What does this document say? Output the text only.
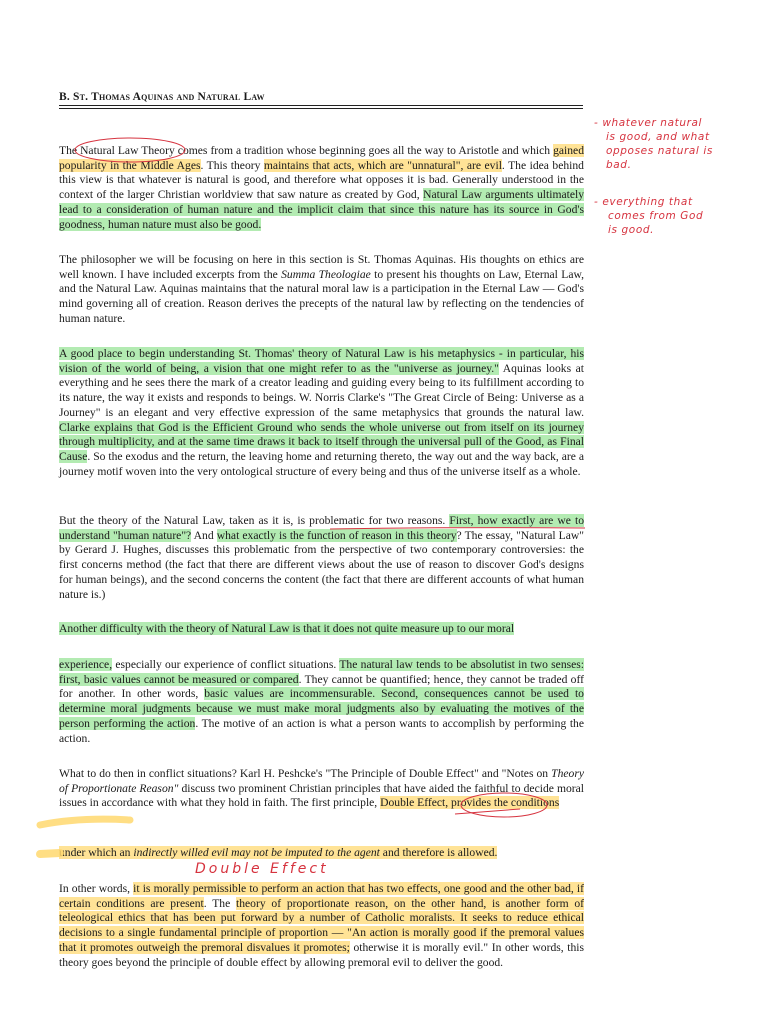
B. St. Thomas Aquinas and Natural Law

The Natural Law Theory comes from a tradition whose beginning goes all the way to Aristotle and which gained popularity in the Middle Ages. This theory maintains that acts, which are "unnatural", are evil. The idea behind this view is that whatever is natural is good, and therefore what opposes it is bad. Generally understood in the context of the larger Christian worldview that saw nature as created by God, Natural Law arguments ultimately lead to a consideration of human nature and the implicit claim that since this nature has its source in God's goodness, human nature must also be good.

The philosopher we will be focusing on here in this section is St. Thomas Aquinas. His thoughts on ethics are well known. I have included excerpts from the Summa Theologiae to present his thoughts on Law, Eternal Law, and the Natural Law. Aquinas maintains that the natural moral law is a participation in the Eternal Law — God's mind governing all of creation. Reason derives the precepts of the natural law by reflecting on the tendencies of human nature.

A good place to begin understanding St. Thomas' theory of Natural Law is his metaphysics - in particular, his vision of the world of being, a vision that one might refer to as the "universe as journey." Aquinas looks at everything and he sees there the mark of a creator leading and guiding every being to its fulfillment according to its nature, the way it exists and responds to beings. W. Norris Clarke's "The Great Circle of Being: Universe as a Journey" is an elegant and very effective expression of the same metaphysics that grounds the natural law. Clarke explains that God is the Efficient Ground who sends the whole universe out from itself on its journey through multiplicity, and at the same time draws it back to itself through the universal pull of the Good, as Final Cause. So the exodus and the return, the leaving home and returning thereto, the way out and the way back, are a journey motif woven into the very ontological structure of every being and thus of the universe itself as a whole.

But the theory of the Natural Law, taken as it is, is problematic for two reasons. First, how exactly are we to understand "human nature"? And what exactly is the function of reason in this theory? The essay, "Natural Law" by Gerard J. Hughes, discusses this problematic from the perspective of two contemporary controversies: the first concerns method (the fact that there are different views about the use of reason to discover God's designs for human beings), and the second concerns the content (the fact that there are different accounts of what human nature is.)

Another difficulty with the theory of Natural Law is that it does not quite measure up to our moral

experience, especially our experience of conflict situations. The natural law tends to be absolutist in two senses: first, basic values cannot be measured or compared. They cannot be quantified; hence, they cannot be traded off for another. In other words, basic values are incommensurable. Second, consequences cannot be used to determine moral judgments because we must make moral judgments also by evaluating the motives of the person performing the action. The motive of an action is what a person wants to accomplish by performing the action.

What to do then in conflict situations? Karl H. Peshcke's "The Principle of Double Effect" and "Notes on Theory of Proportionate Reason" discuss two prominent Christian principles that have aided the faithful to decide moral issues in accordance with what they hold in faith. The first principle, Double Effect, provides the conditions

under which an indirectly willed evil may not be imputed to the agent and therefore is allowed.

In other words, it is morally permissible to perform an action that has two effects, one good and the other bad, if certain conditions are present. The theory of proportionate reason, on the other hand, is another form of teleological ethics that has been put forward by a number of Catholic moralists. It seeks to reduce ethical decisions to a single fundamental principle of proportion — "An action is morally good if the premoral values that it promotes outweigh the premoral disvalues it promotes; otherwise it is morally evil." In other words, this theory goes beyond the principle of double effect by allowing premoral evil to deliver the good.

- whatever natural
is good, and what
opposes natural is
bad.
- everything that
comes from God
is good.
Double Effect
